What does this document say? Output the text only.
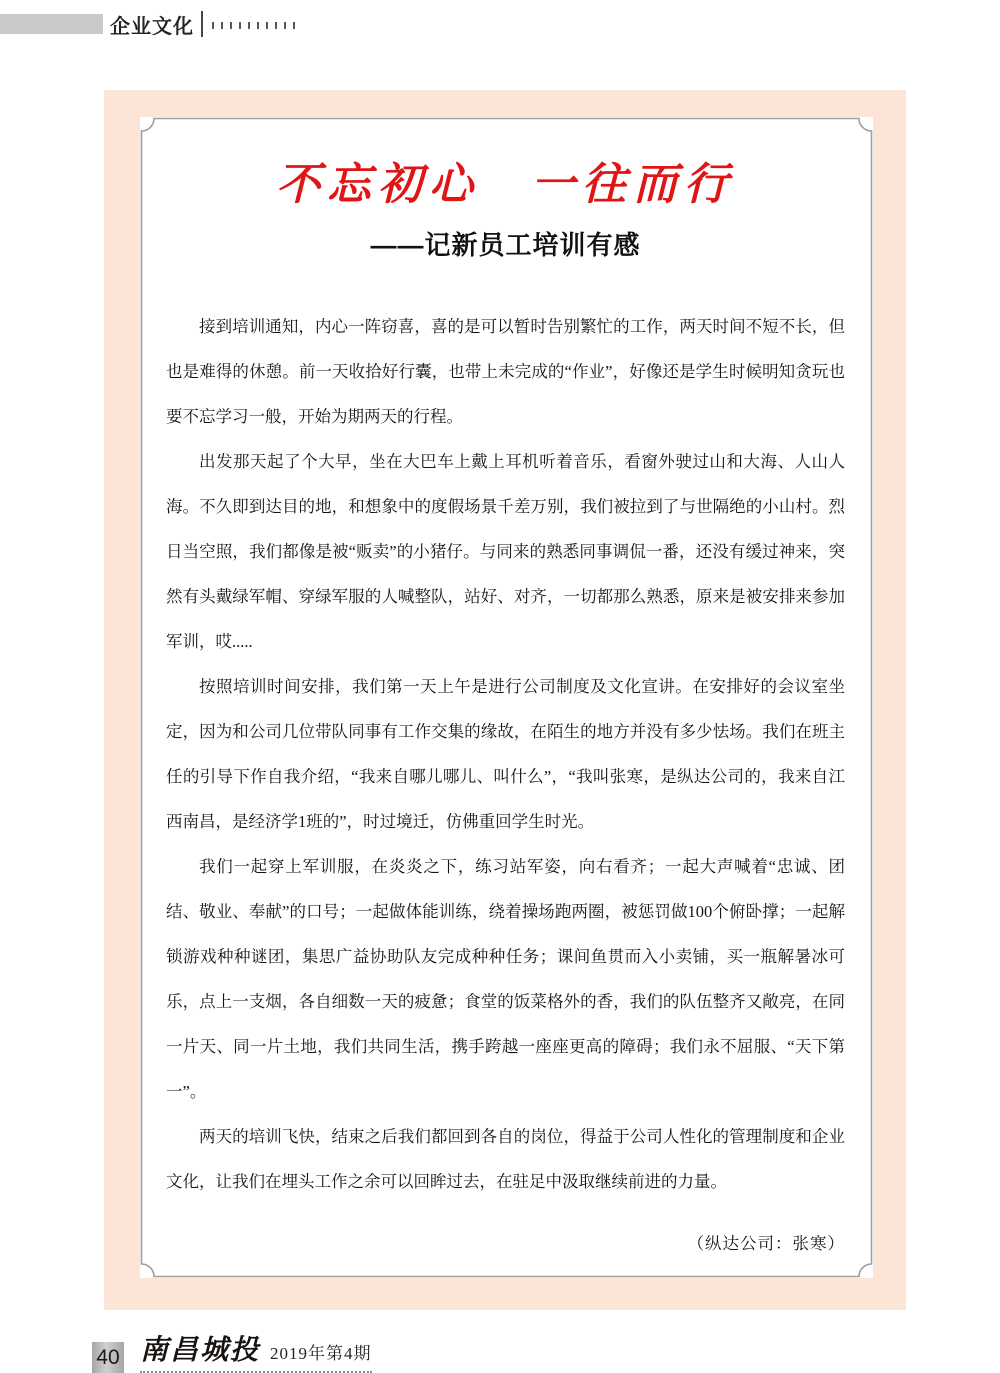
企业文化
不忘初心　一往而行
——记新员工培训有感

接到培训通知，内心一阵窃喜，喜的是可以暂时告别繁忙的工作，两天时间不短不长，但也是难得的休憩。前一天收拾好行囊，也带上未完成的“作业”，好像还是学生时候明知贪玩也要不忘学习一般，开始为期两天的行程。

出发那天起了个大早，坐在大巴车上戴上耳机听着音乐，看窗外驶过山和大海、人山人海。不久即到达目的地，和想象中的度假场景千差万别，我们被拉到了与世隔绝的小山村。烈日当空照，我们都像是被“贩卖”的小猪仔。与同来的熟悉同事调侃一番，还没有缓过神来，突然有头戴绿军帽、穿绿军服的人喊整队，站好、对齐，一切都那么熟悉，原来是被安排来参加军训，哎.....

按照培训时间安排，我们第一天上午是进行公司制度及文化宣讲。在安排好的会议室坐定，因为和公司几位带队同事有工作交集的缘故，在陌生的地方并没有多少怯场。我们在班主任的引导下作自我介绍，“我来自哪儿哪儿、叫什么”，“我叫张寒，是纵达公司的，我来自江西南昌，是经济学1班的”，时过境迁，仿佛重回学生时光。

我们一起穿上军训服，在炎炎之下，练习站军姿，向右看齐；一起大声喊着“忠诚、团结、敬业、奉献”的口号；一起做体能训练，绕着操场跑两圈，被惩罚做100个俯卧撑；一起解锁游戏种种谜团，集思广益协助队友完成种种任务；课间鱼贯而入小卖铺，买一瓶解暑冰可乐，点上一支烟，各自细数一天的疲惫；食堂的饭菜格外的香，我们的队伍整齐又敞亮，在同一片天、同一片土地，我们共同生活，携手跨越一座座更高的障碍；我们永不屈服、“天下第一”。

两天的培训飞快，结束之后我们都回到各自的岗位，得益于公司人性化的管理制度和企业文化，让我们在埋头工作之余可以回眸过去，在驻足中汲取继续前进的力量。

（纵达公司：张寒）
40 南昌城投 2019年第4期
